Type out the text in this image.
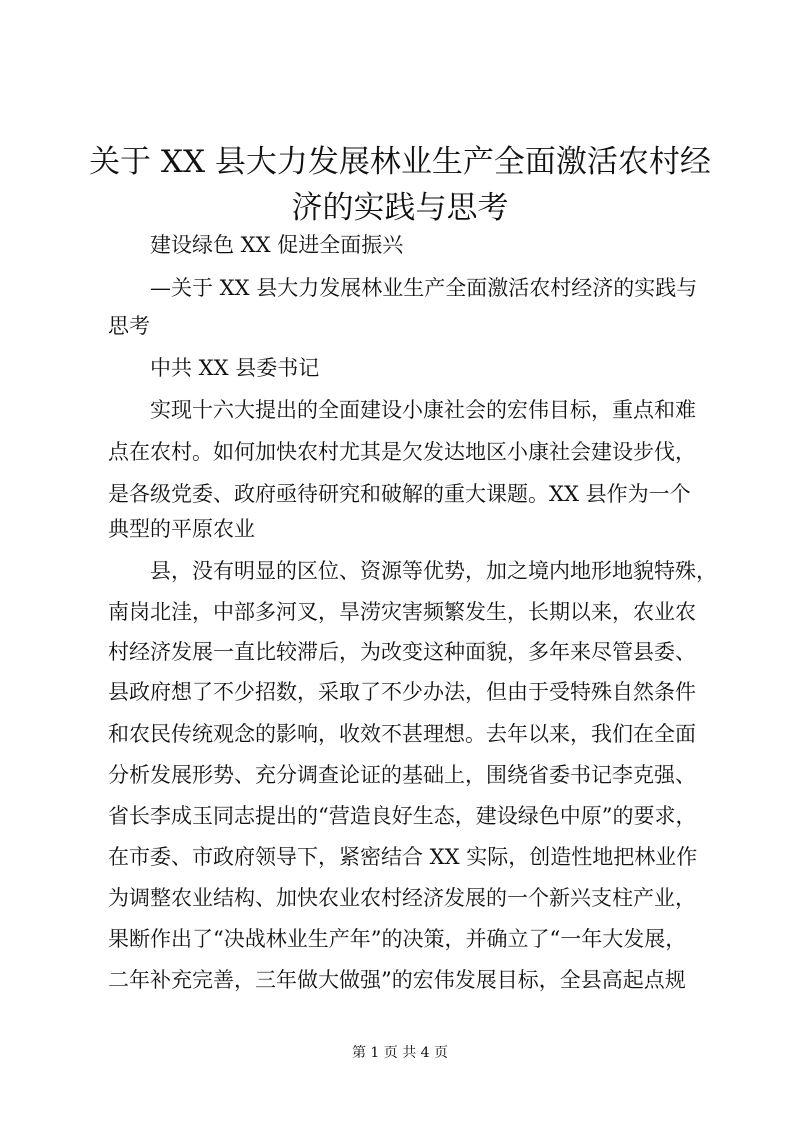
关于 XX 县大力发展林业生产全面激活农村经
济的实践与思考

建设绿色 XX 促进全面振兴

—关于 XX 县大力发展林业生产全面激活农村经济的实践与

思考

中共 XX 县委书记

实现十六大提出的全面建设小康社会的宏伟目标，重点和难

点在农村。如何加快农村尤其是欠发达地区小康社会建设步伐，

是各级党委、政府亟待研究和破解的重大课题。XX 县作为一个

典型的平原农业

县，没有明显的区位、资源等优势，加之境内地形地貌特殊，

南岗北洼，中部多河叉，旱涝灾害频繁发生，长期以来，农业农

村经济发展一直比较滞后，为改变这种面貌，多年来尽管县委、

县政府想了不少招数，采取了不少办法，但由于受特殊自然条件

和农民传统观念的影响，收效不甚理想。去年以来，我们在全面

分析发展形势、充分调查论证的基础上，围绕省委书记李克强、

省长李成玉同志提出的“营造良好生态，建设绿色中原”的要求，

在市委、市政府领导下，紧密结合 XX 实际，创造性地把林业作

为调整农业结构、加快农业农村经济发展的一个新兴支柱产业，

果断作出了“决战林业生产年”的决策，并确立了“一年大发展，

二年补充完善，三年做大做强”的宏伟发展目标，全县高起点规

第 1 页 共 4 页
